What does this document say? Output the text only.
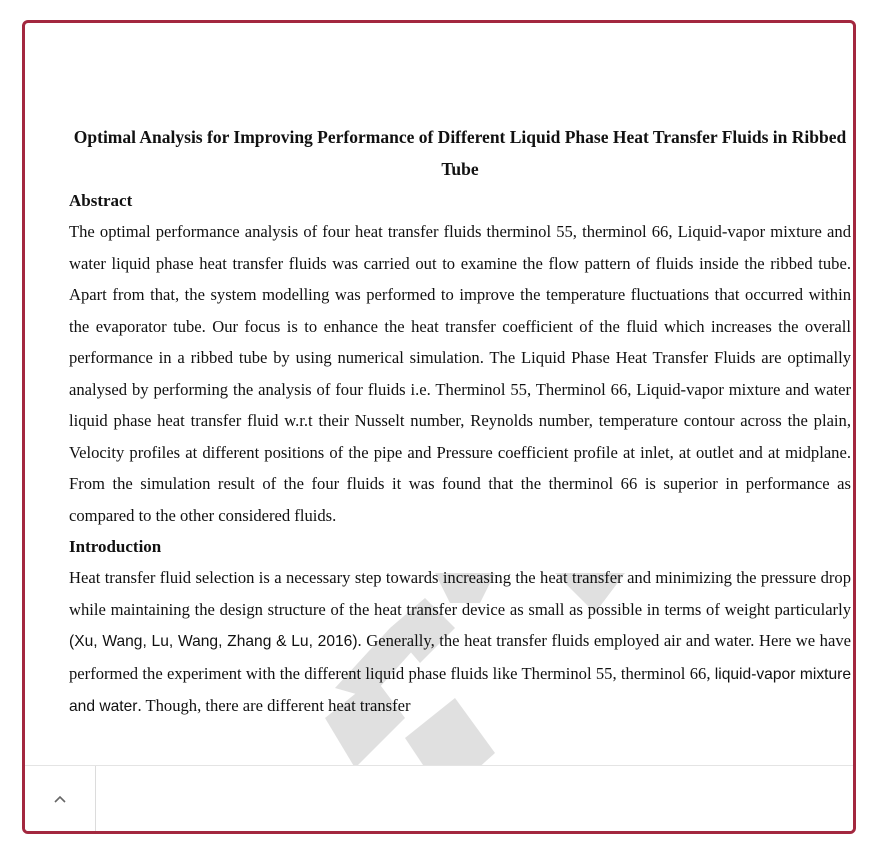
Optimal Analysis for Improving Performance of Different Liquid Phase Heat Transfer Fluids in Ribbed Tube

Abstract

The optimal performance analysis of four heat transfer fluids therminol 55, therminol 66, Liquid-vapor mixture and water liquid phase heat transfer fluids was carried out to examine the flow pattern of fluids inside the ribbed tube. Apart from that, the system modelling was performed to improve the temperature fluctuations that occurred within the evaporator tube. Our focus is to enhance the heat transfer coefficient of the fluid which increases the overall performance in a ribbed tube by using numerical simulation. The Liquid Phase Heat Transfer Fluids are optimally analysed by performing the analysis of four fluids i.e. Therminol 55, Therminol 66, Liquid-vapor mixture and water liquid phase heat transfer fluid w.r.t their Nusselt number, Reynolds number, temperature contour across the plain, Velocity profiles at different positions of the pipe and Pressure coefficient profile at inlet, at outlet and at midplane. From the simulation result of the four fluids it was found that the therminol 66 is superior in performance as compared to the other considered fluids.

Introduction

Heat transfer fluid selection is a necessary step towards increasing the heat transfer and minimizing the pressure drop while maintaining the design structure of the heat transfer device as small as possible in terms of weight particularly (Xu, Wang, Lu, Wang, Zhang & Lu, 2016). Generally, the heat transfer fluids employed air and water. Here we have performed the experiment with the different liquid phase fluids like Therminol 55, therminol 66, liquid-vapor mixture and water. Though, there are different heat transfer
